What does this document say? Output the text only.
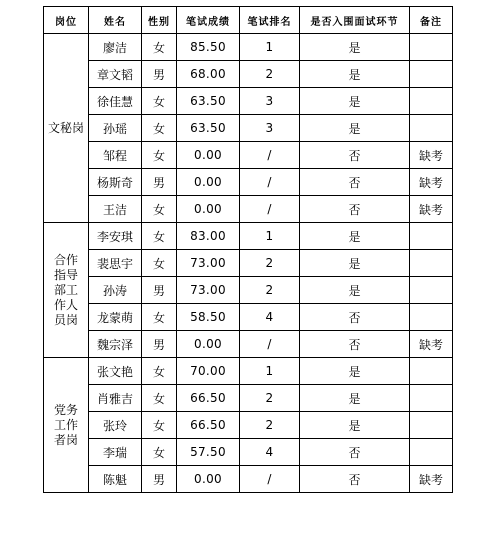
岗位	姓名	性别	笔试成绩	笔试排名	是否入围面试环节	备注

文秘岗	廖洁	女	85.50	1	是	
	章文韬	男	68.00	2	是	
	徐佳慧	女	63.50	3	是	
	孙瑶	女	63.50	3	是	
	邹程	女	0.00	/	否	缺考
	杨斯奇	男	0.00	/	否	缺考
	王洁	女	0.00	/	否	缺考

合作
指导
部工
作人
员岗	李安琪	女	83.00	1	是	
	裴思宇	女	73.00	2	是	
	孙涛	男	73.00	2	是	
	龙蒙萌	女	58.50	4	否	
	魏宗泽	男	0.00	/	否	缺考

党务
工作
者岗	张文艳	女	70.00	1	是	
	肖雅吉	女	66.50	2	是	
	张玲	女	66.50	2	是	
	李瑞	女	57.50	4	否	
	陈魁	男	0.00	/	否	缺考
